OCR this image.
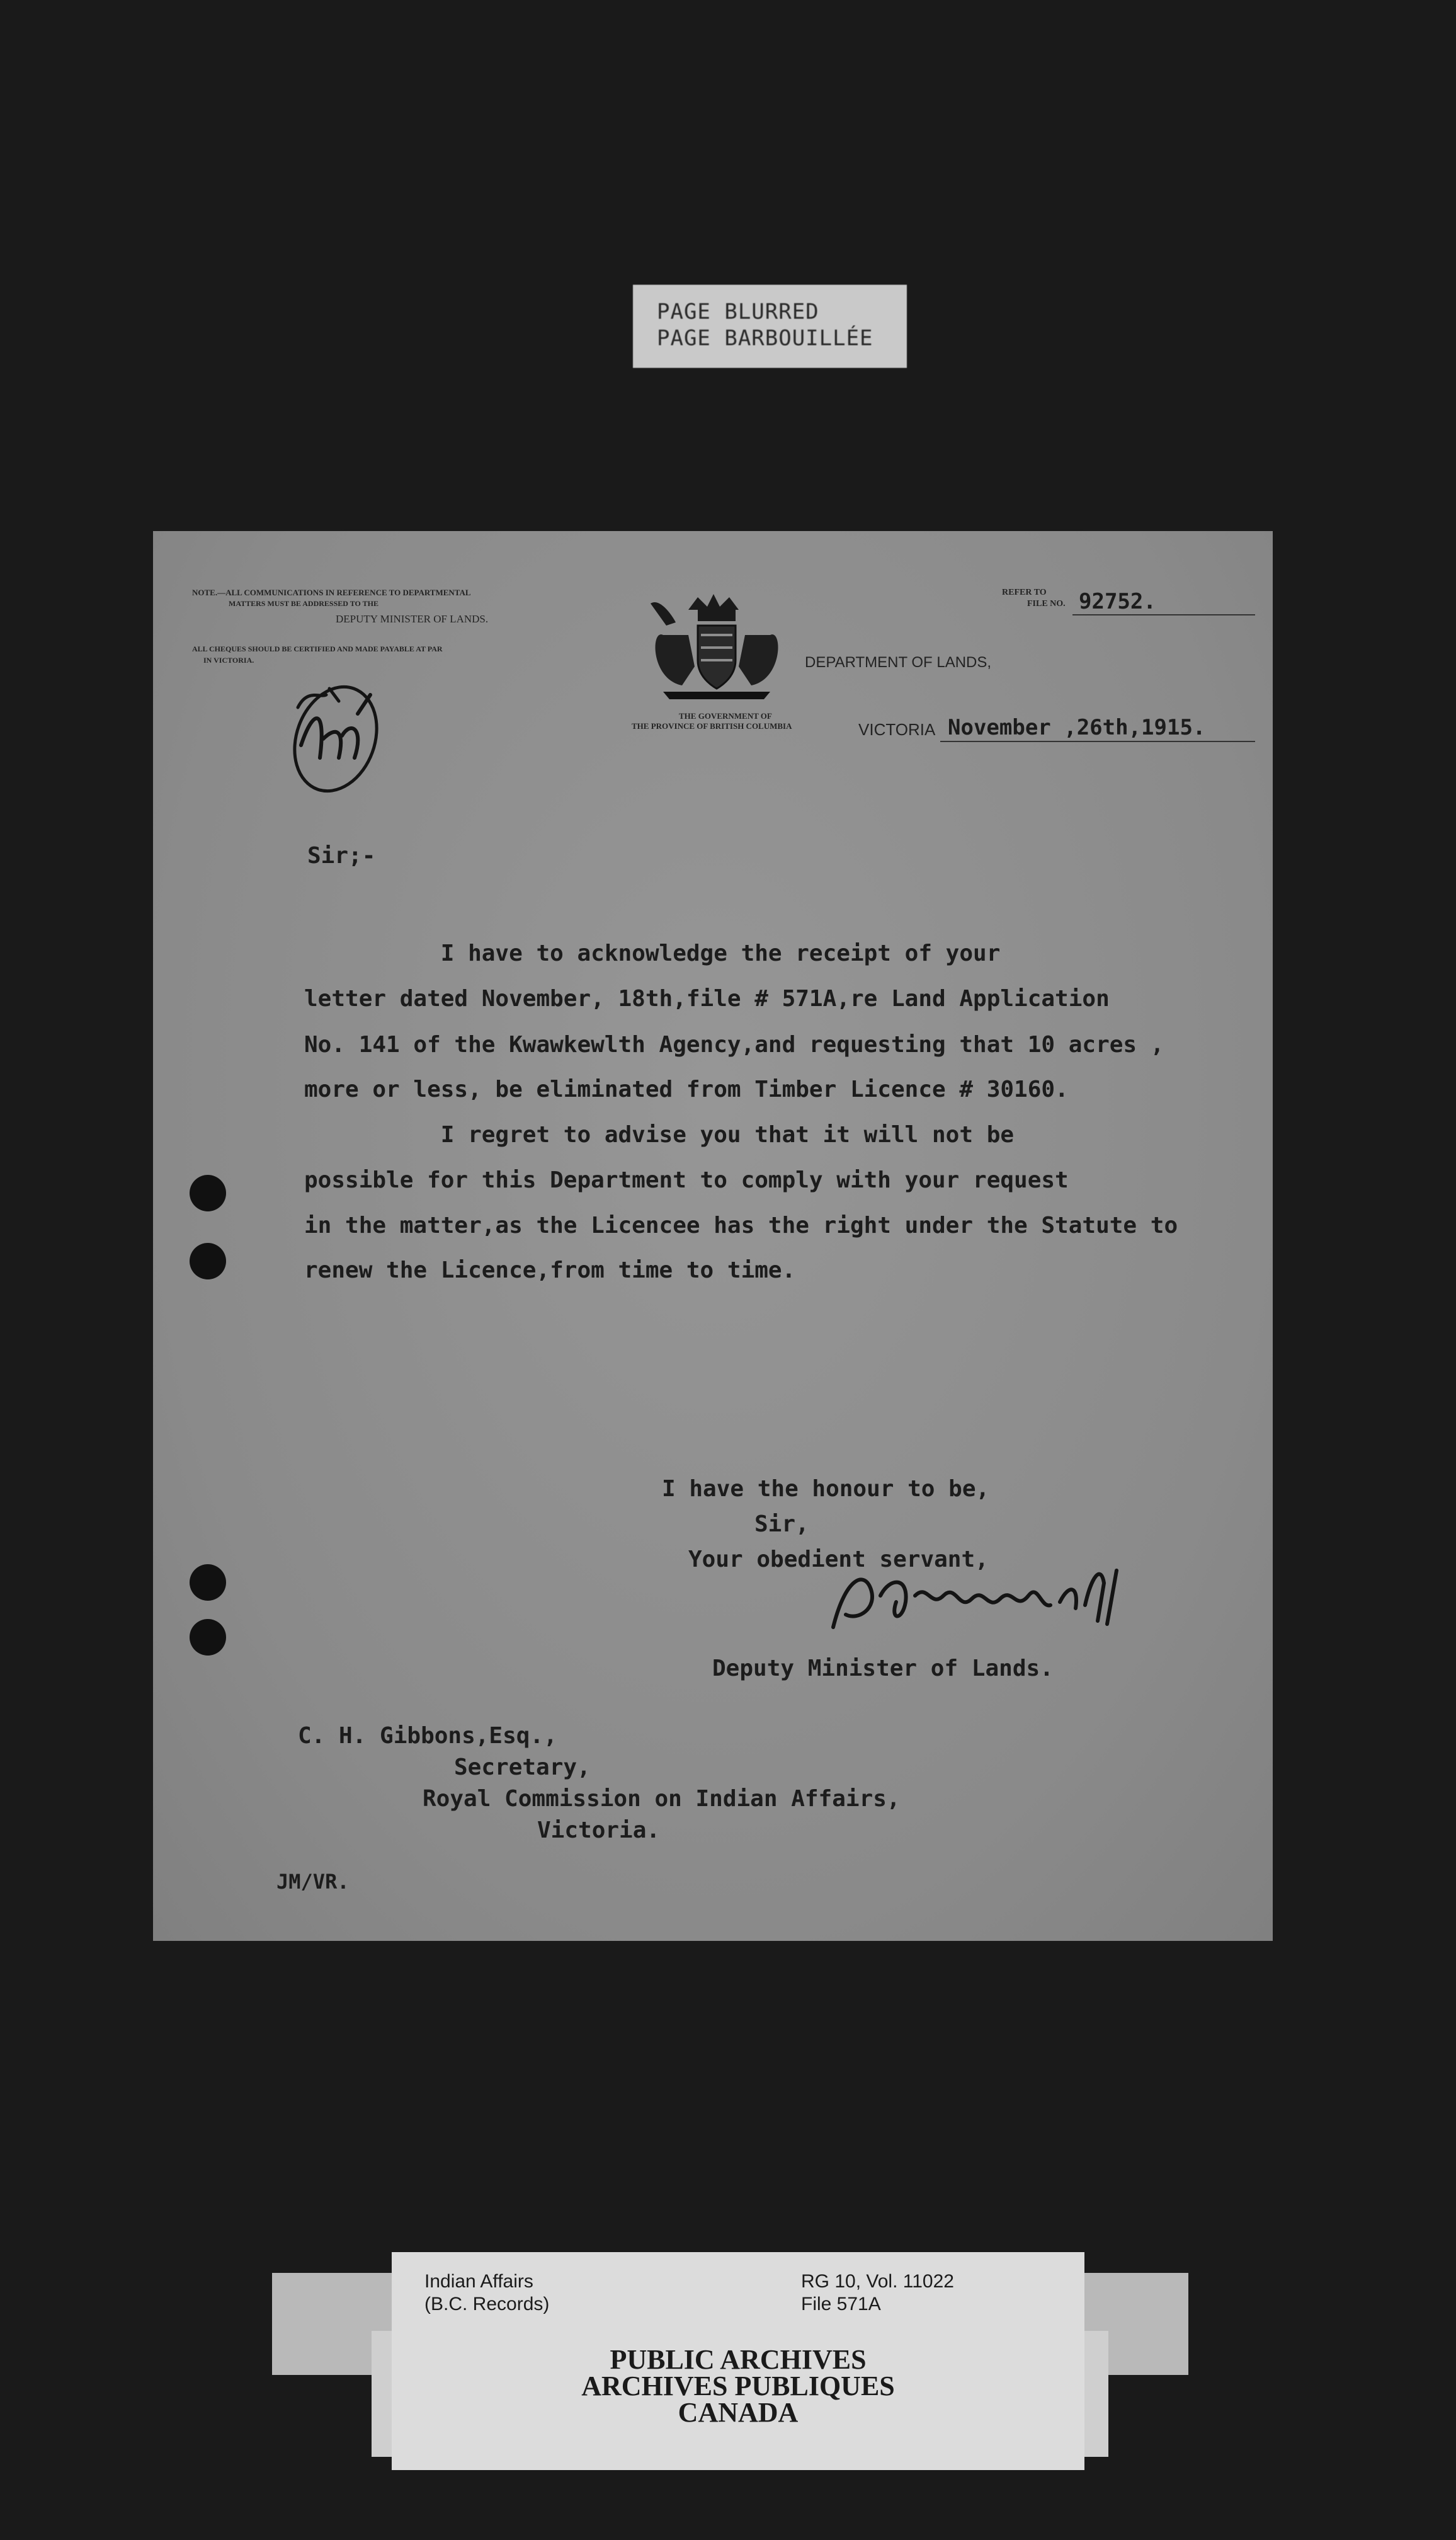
PAGE BLURRED
PAGE BARBOUILLÉE
NOTE.—ALL COMMUNICATIONS IN REFERENCE TO DEPARTMENTAL
MATTERS MUST BE ADDRESSED TO THE
DEPUTY MINISTER OF LANDS.
ALL CHEQUES SHOULD BE CERTIFIED AND MADE PAYABLE AT PAR
IN VICTORIA.
Stamp
THE GOVERNMENT OF
THE PROVINCE OF BRITISH COLUMBIA
REFER TO
FILE NO. 92752.
DEPARTMENT OF LANDS,
VICTORIA November ,26th,1915.
Sir;-
I have to acknowledge the receipt of your
letter dated November, 18th,file # 571A,re Land Application
No. 141 of the Kwawkewlth Agency,and requesting that 10 acres ,
more or less, be eliminated from Timber Licence # 30160.
I regret to advise you that it will not be
possible for this Department to comply with your request
in the matter,as the Licencee has the right under the Statute to
renew the Licence,from time to time.
I have the honour to be,
Sir,
Your obedient servant,	R. A. Renwick
Deputy Minister of Lands.
C. H. Gibbons,Esq.,
Secretary,
Royal Commission on Indian Affairs,
Victoria.
JM/VR.
Indian Affairs
(B.C. Records)
RG 10, Vol. 11022
File 571A
PUBLIC ARCHIVES
ARCHIVES PUBLIQUES
CANADA
